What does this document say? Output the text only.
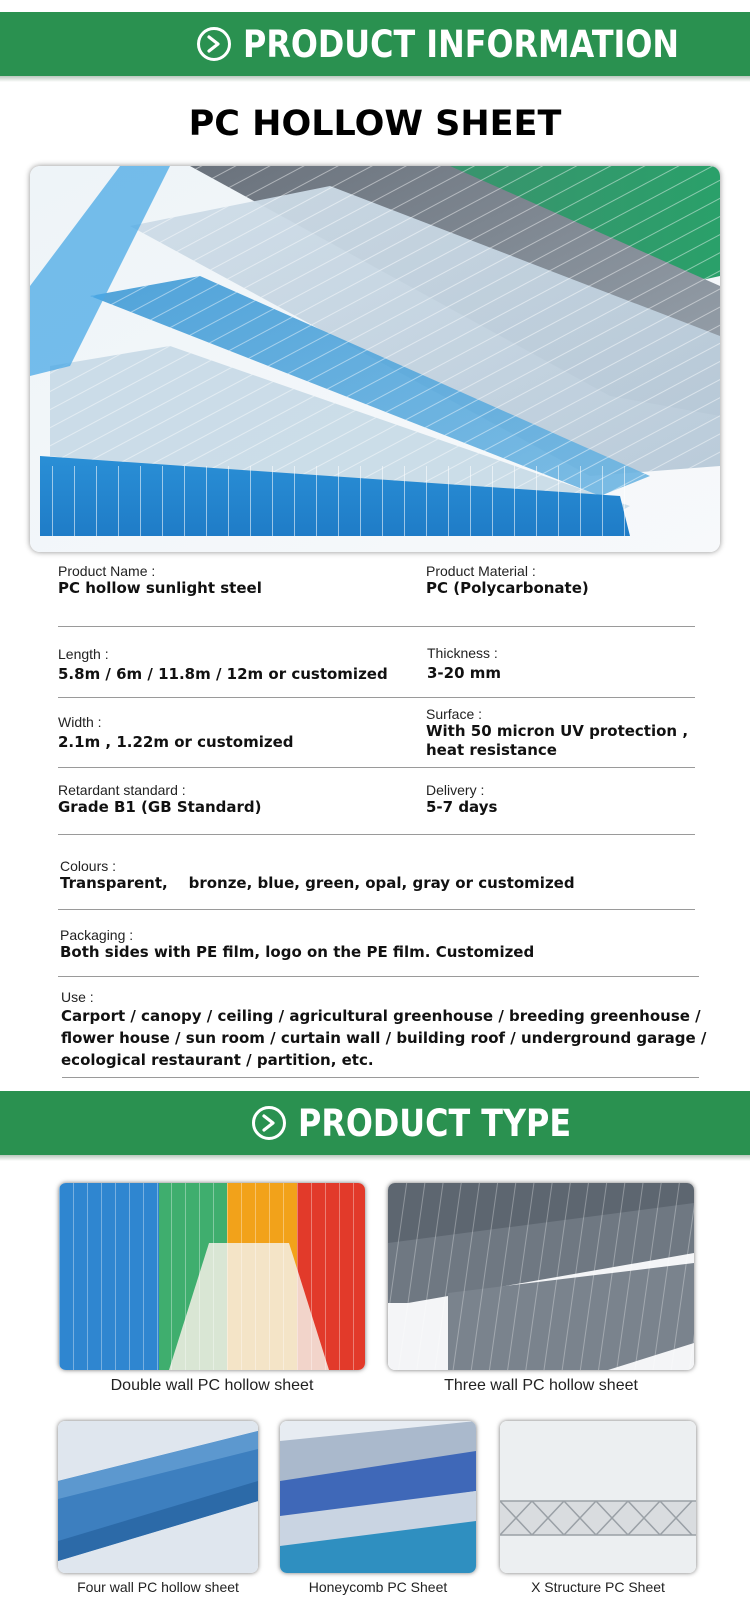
PRODUCT INFORMATION
PC HOLLOW SHEET
Product Name :
PC hollow sunlight steel
Product Material :
PC (Polycarbonate)
Length :
5.8m / 6m / 11.8m / 12m or customized
Thickness :
3-20 mm
Width :
2.1m , 1.22m or customized
Surface :
With 50 micron UV protection ,
heat resistance
Retardant standard :
Grade B1 (GB Standard)
Delivery :
5-7 days
Colours :
Transparent,    bronze, blue, green, opal, gray or customized
Packaging :
Both sides with PE film, logo on the PE film. Customized
Use :
Carport / canopy / ceiling / agricultural greenhouse / breeding greenhouse /
flower house / sun room / curtain wall / building roof / underground garage /
ecological restaurant / partition, etc.
PRODUCT TYPE
Double wall PC hollow sheet	Three wall PC hollow sheet
Four wall PC hollow sheet	Honeycomb PC Sheet	X Structure PC Sheet
